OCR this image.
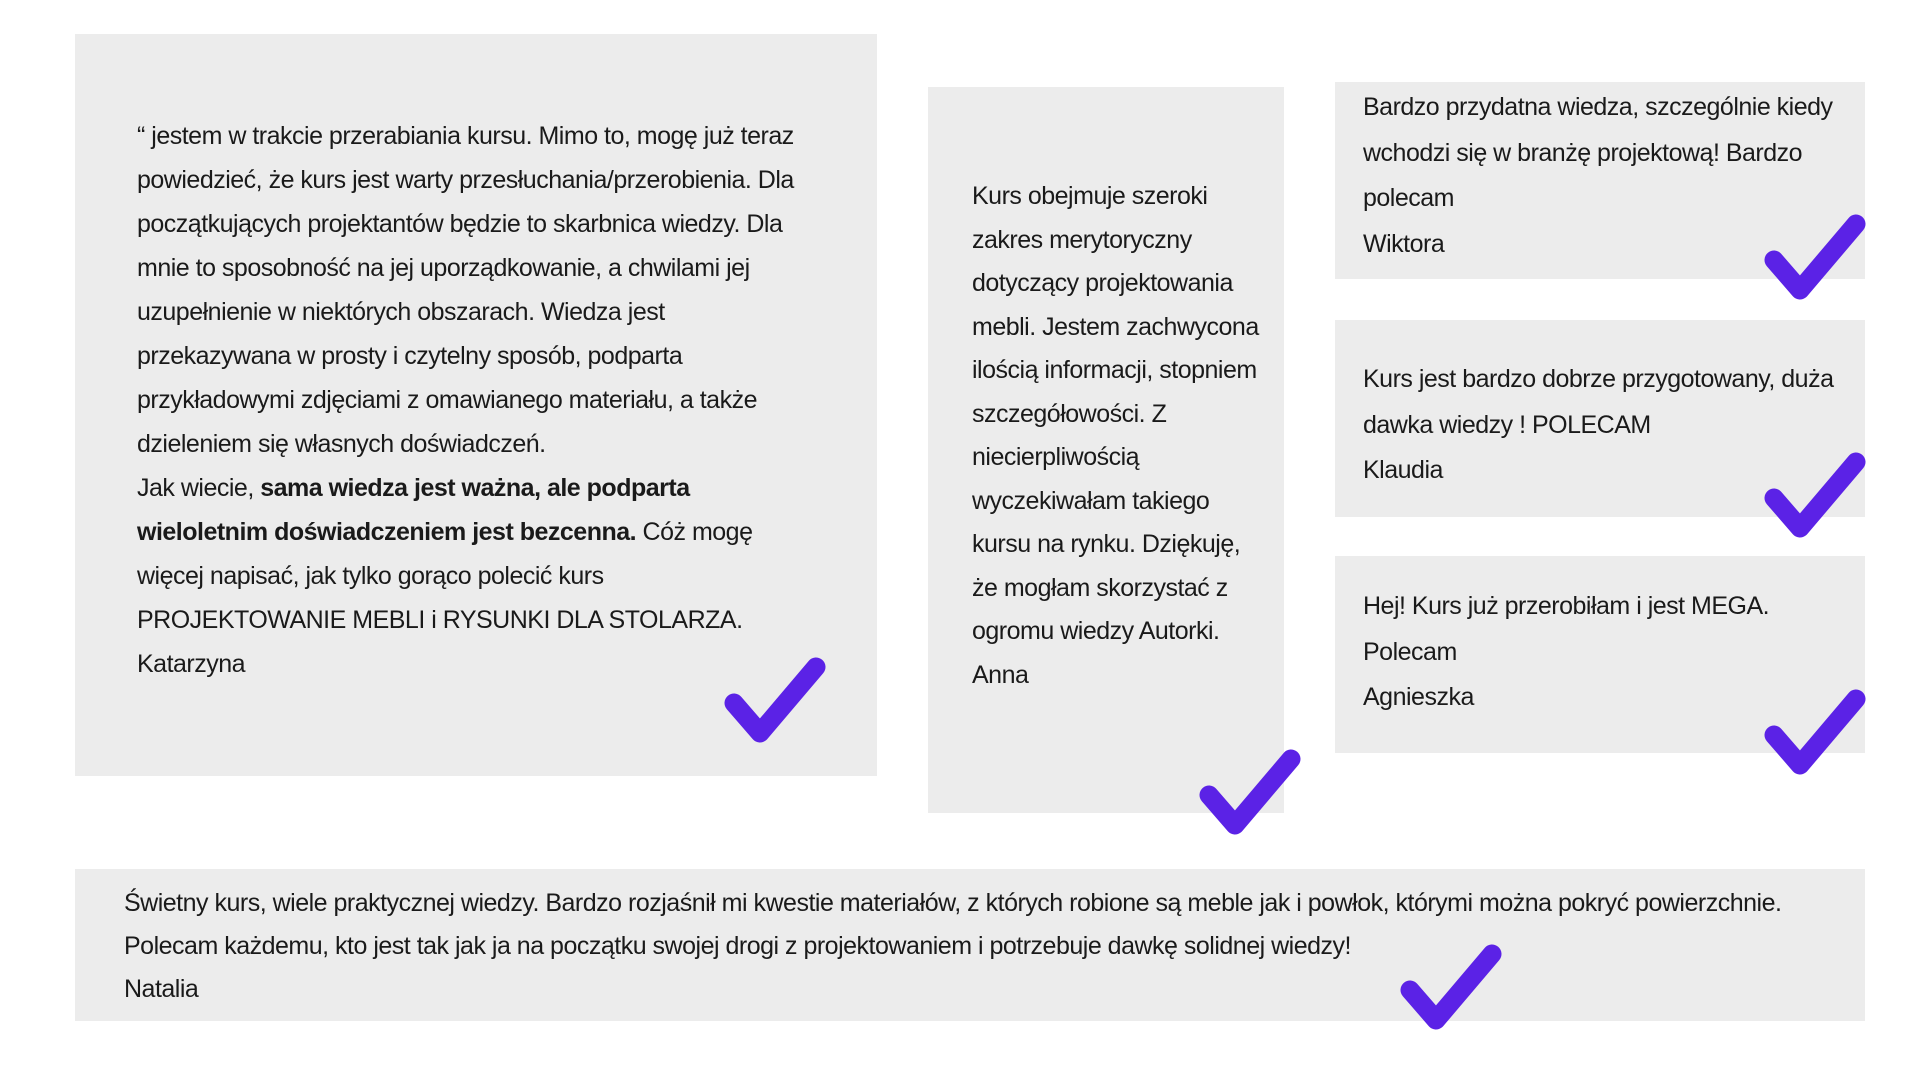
“ jestem w trakcie przerabiania kursu. Mimo to, mogę już teraz powiedzieć, że kurs jest warty przesłuchania/przerobienia. Dla początkujących projektantów będzie to skarbnica wiedzy. Dla mnie to sposobność na jej uporządkowanie, a chwilami jej uzupełnienie w niektórych obszarach. Wiedza jest przekazywana w prosty i czytelny sposób, podparta przykładowymi zdjęciami z omawianego materiału, a także dzieleniem się własnych doświadczeń.

Jak wiecie, sama wiedza jest ważna, ale podparta wieloletnim doświadczeniem jest bezcenna. Cóż mogę więcej napisać, jak tylko gorąco polecić kurs PROJEKTOWANIE MEBLI i RYSUNKI DLA STOLARZA.

Katarzyna

Kurs obejmuje szeroki zakres merytoryczny dotyczący projektowania mebli. Jestem zachwycona ilością informacji, stopniem szczegółowości. Z niecierpliwością wyczekiwałam takiego kursu na rynku. Dziękuję, że mogłam skorzystać z ogromu wiedzy Autorki.

Anna

Bardzo przydatna wiedza, szczególnie kiedy wchodzi się w branżę projektową! Bardzo polecam

Wiktora

Kurs jest bardzo dobrze przygotowany, duża dawka wiedzy ! POLECAM

Klaudia

Hej! Kurs już przerobiłam i jest MEGA.

Polecam

Agnieszka

Świetny kurs, wiele praktycznej wiedzy. Bardzo rozjaśnił mi kwestie materiałów, z których robione są meble jak i powłok, którymi można pokryć powierzchnie.

Polecam każdemu, kto jest tak jak ja na początku swojej drogi z projektowaniem i potrzebuje dawkę solidnej wiedzy!

Natalia
